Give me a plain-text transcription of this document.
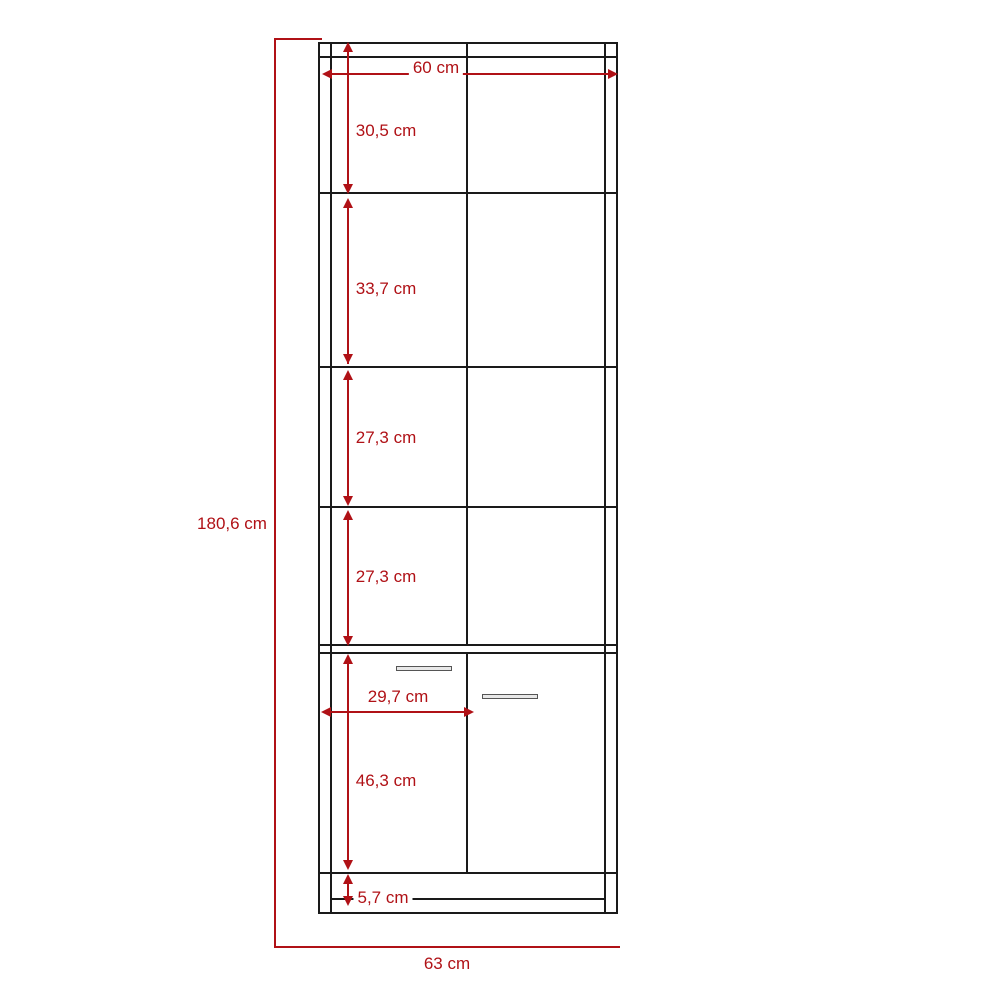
180,6 cm
63 cm
60 cm
30,5 cm
33,7 cm
27,3 cm
27,3 cm
46,3 cm
29,7 cm
5,7 cm
